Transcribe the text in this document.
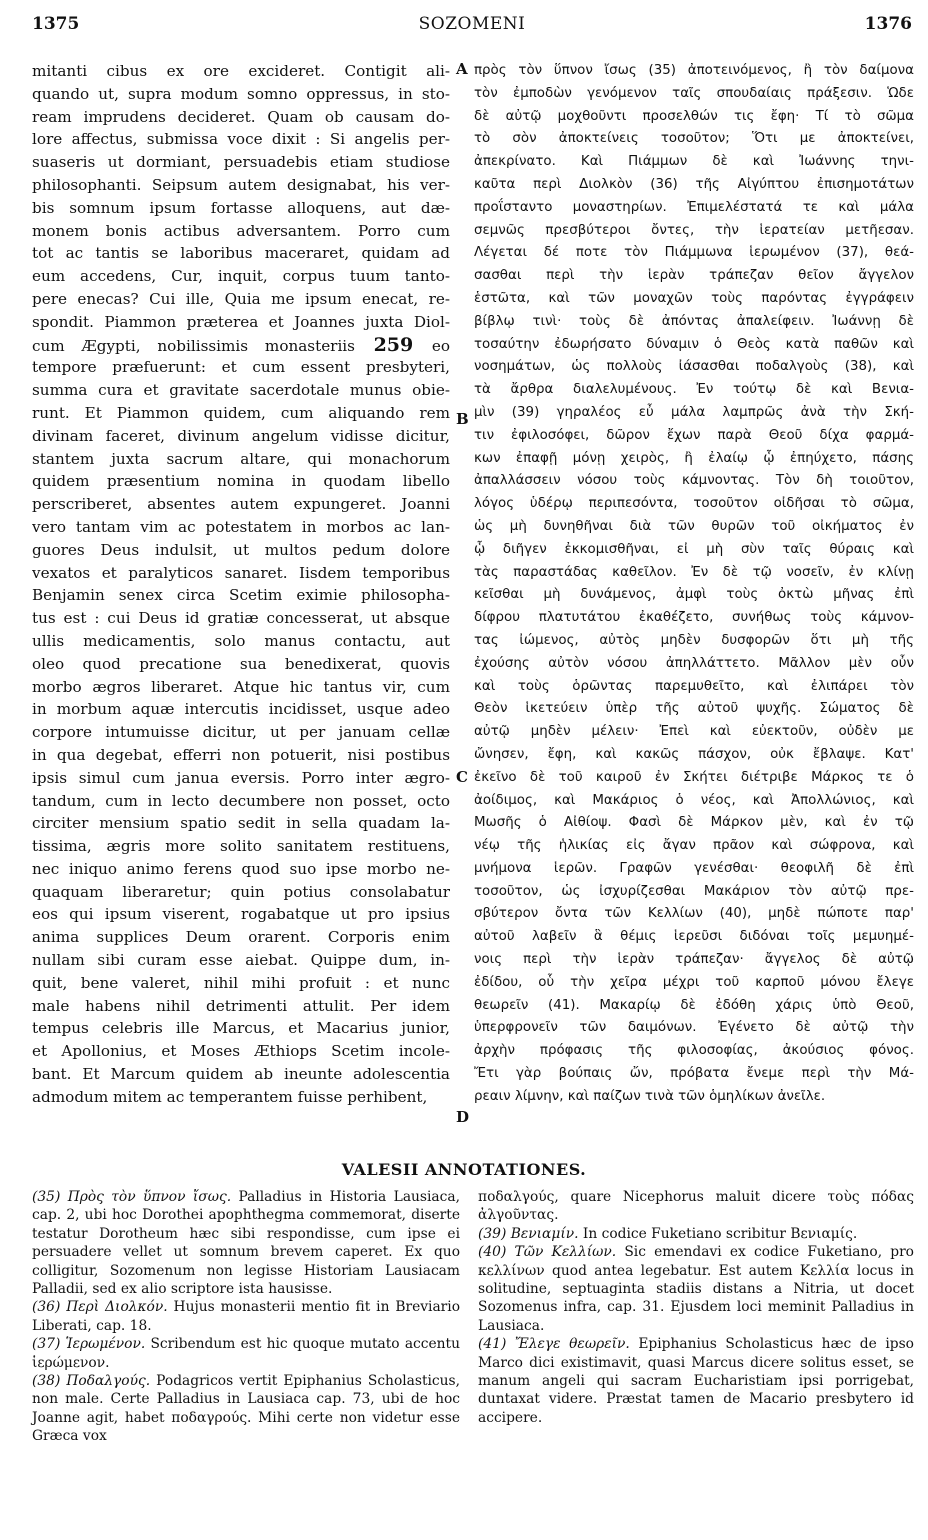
1375	SOZOMENI	1376
mitanti cibus ex ore excideret. Contigit ali-
quando ut, supra modum somno oppressus, in sto-
ream imprudens decideret. Quam ob causam do-
lore affectus, submissa voce dixit : Si angelis per-
suaseris ut dormiant, persuadebis etiam studiose
philosophanti. Seipsum autem designabat, his ver-
bis somnum ipsum fortasse alloquens, aut dæ-
monem bonis actibus adversantem. Porro cum
tot ac tantis se laboribus maceraret, quidam ad
eum accedens, Cur, inquit, corpus tuum tanto-
pere enecas? Cui ille, Quia me ipsum enecat, re-
spondit. Piammon præterea et Joannes juxta Diol-
cum Ægypti, nobilissimis monasteriis 259 eo
tempore præfuerunt: et cum essent presbyteri,
summa cura et gravitate sacerdotale munus obie-
runt. Et Piammon quidem, cum aliquando rem
divinam faceret, divinum angelum vidisse dicitur,
stantem juxta sacrum altare, qui monachorum
quidem præsentium nomina in quodam libello
perscriberet, absentes autem expungeret. Joanni
vero tantam vim ac potestatem in morbos ac lan-
guores Deus indulsit, ut multos pedum dolore
vexatos et paralyticos sanaret. Iisdem temporibus
Benjamin senex circa Scetim eximie philosopha-
tus est : cui Deus id gratiæ concesserat, ut absque
ullis medicamentis, solo manus contactu, aut
oleo quod precatione sua benedixerat, quovis
morbo ægros liberaret. Atque hic tantus vir, cum
in morbum aquæ intercutis incidisset, usque adeo
corpore intumuisse dicitur, ut per januam cellæ
in qua degebat, efferri non potuerit, nisi postibus
ipsis simul cum janua eversis. Porro inter ægro-
tandum, cum in lecto decumbere non posset, octo
circiter mensium spatio sedit in sella quadam la-
tissima, ægris more solito sanitatem restituens,
nec iniquo animo ferens quod suo ipse morbo ne-
quaquam liberaretur; quin potius consolabatur
eos qui ipsum viserent, rogabatque ut pro ipsius
anima supplices Deum orarent. Corporis enim
nullam sibi curam esse aiebat. Quippe dum, in-
quit, bene valeret, nihil mihi profuit : et nunc
male habens nihil detrimenti attulit. Per idem
tempus celebris ille Marcus, et Macarius junior,
et Apollonius, et Moses Æthiops Scetim incole-
bant. Et Marcum quidem ab ineunte adolescentia
admodum mitem ac temperantem fuisse perhibent,
πρὸς τὸν ὕπνον ἴσως (35) ἀποτεινόμενος, ἢ τὸν δαίμονα
τὸν ἐμποδὼν γενόμενον ταῖς σπουδαίαις πράξεσιν. Ὡδε
δὲ αὐτῷ μοχθοῦντι προσελθών τις ἔφη· Τί τὸ σῶμα
τὸ σὸν ἀποκτείνεις τοσοῦτον; Ὅτι με ἀποκτείνει,
ἀπεκρίνατο. Καὶ Πιάμμων δὲ καὶ Ἰωάννης τηνι-
καῦτα περὶ Διολκὸν (36) τῆς Αἰγύπτου ἐπισημοτάτων
προΐσταντο μοναστηρίων. Ἐπιμελέστατά τε καὶ μάλα
σεμνῶς πρεσβύτεροι ὄντες, τὴν ἱερατείαν μετῆεσαν.
Λέγεται δέ ποτε τὸν Πιάμμωνα ἱερωμένον (37), θεά-
σασθαι περὶ τὴν ἱερὰν τράπεζαν θεῖον ἄγγελον
ἑστῶτα, καὶ τῶν μοναχῶν τοὺς παρόντας ἐγγράφειν
βίβλῳ τινὶ· τοὺς δὲ ἀπόντας ἀπαλείφειν. Ἰωάννῃ δὲ
τοσαύτην ἐδωρήσατο δύναμιν ὁ Θεὸς κατὰ παθῶν καὶ
νοσημάτων, ὡς πολλοὺς ἰάσασθαι ποδαλγοὺς (38), καὶ
τὰ ἄρθρα διαλελυμένους. Ἐν τούτῳ δὲ καὶ Βενια-
μὶν (39) γηραλέος εὖ μάλα λαμπρῶς ἀνὰ τὴν Σκή-
τιν ἐφιλοσόφει, δῶρον ἔχων παρὰ Θεοῦ δίχα φαρμά-
κων ἐπαφῇ μόνῃ χειρὸς, ἢ ἐλαίῳ ᾧ ἐπηύχετο, πάσης
ἀπαλλάσσειν νόσου τοὺς κάμνοντας. Τὸν δὴ τοιοῦτον,
λόγος ὑδέρῳ περιπεσόντα, τοσοῦτον οἰδῆσαι τὸ σῶμα,
ὡς μὴ δυνηθῆναι διὰ τῶν θυρῶν τοῦ οἰκήματος ἐν
ᾧ διῆγεν ἐκκομισθῆναι, εἰ μὴ σὺν ταῖς θύραις καὶ
τὰς παραστάδας καθεῖλον. Ἐν δὲ τῷ νοσεῖν, ἐν κλίνῃ
κεῖσθαι μὴ δυνάμενος, ἀμφὶ τοὺς ὀκτὼ μῆνας ἐπὶ
δίφρου πλατυτάτου ἐκαθέζετο, συνήθως τοὺς κάμνον-
τας ἰώμενος, αὐτὸς μηδὲν δυσφορῶν ὅτι μὴ τῆς
ἐχούσης αὐτὸν νόσου ἀπηλλάττετο. Μᾶλλον μὲν οὖν
καὶ τοὺς ὁρῶντας παρεμυθεῖτο, καὶ ἐλιπάρει τὸν
Θεὸν ἱκετεύειν ὑπὲρ τῆς αὐτοῦ ψυχῆς. Σώματος δὲ
αὐτῷ μηδὲν μέλειν· Ἐπεὶ καὶ εὐεκτοῦν, οὐδὲν με
ὤνησεν, ἔφη, καὶ κακῶς πάσχον, οὐκ ἔβλαψε. Κατ'
ἐκεῖνο δὲ τοῦ καιροῦ ἐν Σκήτει διέτριβε Μάρκος τε ὁ
ἀοίδιμος, καὶ Μακάριος ὁ νέος, καὶ Ἀπολλώνιος, καὶ
Μωσῆς ὁ Αἰθίοψ. Φασὶ δὲ Μάρκον μὲν, καὶ ἐν τῷ
νέῳ τῆς ἡλικίας εἰς ἄγαν πρᾶον καὶ σώφρονα, καὶ
μνήμονα ἱερῶν. Γραφῶν γενέσθαι· θεοφιλῆ δὲ ἐπὶ
τοσοῦτον, ὡς ἰσχυρίζεσθαι Μακάριον τὸν αὐτῷ πρε-
σβύτερον ὄντα τῶν Κελλίων (40), μηδὲ πώποτε παρ'
αὐτοῦ λαβεῖν ἃ θέμις ἱερεῦσι διδόναι τοῖς μεμυημέ-
νοις περὶ τὴν ἱερὰν τράπεζαν· ἄγγελος δὲ αὐτῷ
ἐδίδου, οὗ τὴν χεῖρα μέχρι τοῦ καρποῦ μόνου ἔλεγε
θεωρεῖν (41). Μακαρίῳ δὲ ἐδόθη χάρις ὑπὸ Θεοῦ,
ὑπερφρονεῖν τῶν δαιμόνων. Ἐγένετο δὲ αὐτῷ τὴν
ἀρχὴν πρόφασις τῆς φιλοσοφίας, ἀκούσιος φόνος.
Ἔτι γὰρ βούπαις ὤν, πρόβατα ἔνεμε περὶ τὴν Μά-
ρεαιν λίμνην, καὶ παίζων τινὰ τῶν ὁμηλίκων ἀνεῖλε.
A
B
C
D
VALESII ANNOTATIONES.
(35) Πρὸς τὸν ὕπνον ἴσως. Palladius in Historia Lausiaca, cap. 2, ubi hoc Dorothei apophthegma commemorat, diserte testatur Dorotheum hæc sibi respondisse, cum ipse ei persuadere vellet ut somnum brevem caperet. Ex quo colligitur, Sozomenum non legisse Historiam Lausiacam Palladii, sed ex alio scriptore ista hausisse.
(36) Περὶ Διολκόν. Hujus monasterii mentio fit in Breviario Liberati, cap. 18.
(37) Ἱερωμένον. Scribendum est hic quoque mutato accentu ἱερώμενον.
(38) Ποδαλγούς. Podagricos vertit Epiphanius Scholasticus, non male. Certe Palladius in Lausiaca cap. 73, ubi de hoc Joanne agit, habet ποδαγρούς. Mihi certe non videtur esse Græca vox
ποδαλγούς, quare Nicephorus maluit dicere τοὺς πόδας ἀλγοῦντας.
(39) Βενιαμίν. In codice Fuketiano scribitur Βενιαμίς.
(40) Τῶν Κελλίων. Sic emendavi ex codice Fuketiano, pro κελλίνων quod antea legebatur. Est autem Κελλία locus in solitudine, septuaginta stadiis distans a Nitria, ut docet Sozomenus infra, cap. 31. Ejusdem loci meminit Palladius in Lausiaca.
(41) Ἔλεγε θεωρεῖν. Epiphanius Scholasticus hæc de ipso Marco dici existimavit, quasi Marcus dicere solitus esset, se manum angeli qui sacram Eucharistiam ipsi porrigebat, duntaxat videre. Præstat tamen de Macario presbytero id accipere.
